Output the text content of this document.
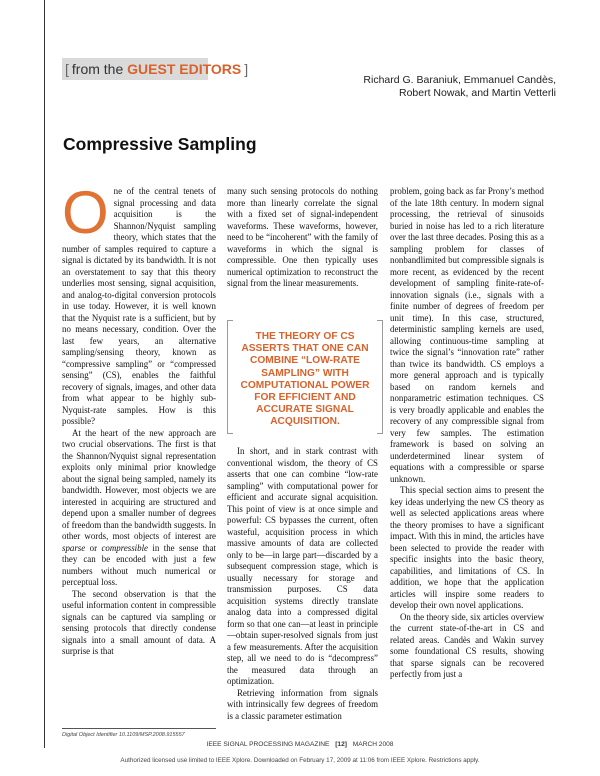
[ from the GUEST EDITORS ]
Richard G. Baraniuk, Emmanuel Candès,
Robert Nowak, and Martin Vetterli
Compressive Sampling

One of the central tenets of signal processing and data acquisition is the Shannon/Nyquist sampling theory, which states that the number of samples required to capture a signal is dictated by its bandwidth. It is not an overstatement to say that this theory underlies most sensing, signal acquisition, and analog-to-digital conversion protocols in use today. However, it is well known that the Nyquist rate is a sufficient, but by no means necessary, condition. Over the last few years, an alternative sampling/sensing theory, known as “compressive sampling” or “compressed sensing” (CS), enables the faithful recovery of signals, images, and other data from what appear to be highly sub-Nyquist-rate samples. How is this possible?

At the heart of the new approach are two crucial observations. The first is that the Shannon/Nyquist signal representation exploits only minimal prior knowledge about the signal being sampled, namely its bandwidth. However, most objects we are interested in acquiring are structured and depend upon a smaller number of degrees of freedom than the bandwidth suggests. In other words, most objects of interest are sparse or compressible in the sense that they can be encoded with just a few numbers without much numerical or perceptual loss.

The second observation is that the useful information content in compressible signals can be captured via sampling or sensing protocols that directly condense signals into a small amount of data. A surprise is that

many such sensing protocols do nothing more than linearly correlate the signal with a fixed set of signal-independent waveforms. These waveforms, however, need to be “incoherent” with the family of waveforms in which the signal is compressible. One then typically uses numerical optimization to reconstruct the signal from the linear measurements.

THE THEORY OF CS ASSERTS THAT ONE CAN COMBINE “LOW-RATE SAMPLING” WITH COMPUTATIONAL POWER FOR EFFICIENT AND ACCURATE SIGNAL ACQUISITION.

In short, and in stark contrast with conventional wisdom, the theory of CS asserts that one can combine “low-rate sampling” with computational power for efficient and accurate signal acquisition. This point of view is at once simple and powerful: CS bypasses the current, often wasteful, acquisition process in which massive amounts of data are collected only to be—in large part—discarded by a subsequent compression stage, which is usually necessary for storage and transmission purposes. CS data acquisition systems directly translate analog data into a compressed digital form so that one can—at least in principle—obtain super-resolved signals from just a few measurements. After the acquisition step, all we need to do is “decompress” the measured data through an optimization.

Retrieving information from signals with intrinsically few degrees of freedom is a classic parameter estimation

problem, going back as far Prony’s method of the late 18th century. In modern signal processing, the retrieval of sinusoids buried in noise has led to a rich literature over the last three decades. Posing this as a sampling problem for classes of nonbandlimited but compressible signals is more recent, as evidenced by the recent development of sampling finite-rate-of-innovation signals (i.e., signals with a finite number of degrees of freedom per unit time). In this case, structured, deterministic sampling kernels are used, allowing continuous-time sampling at twice the signal’s “innovation rate” rather than twice its bandwidth. CS employs a more general approach and is typically based on random kernels and nonparametric estimation techniques. CS is very broadly applicable and enables the recovery of any compressible signal from very few samples. The estimation framework is based on solving an underdetermined linear system of equations with a compressible or sparse unknown.

This special section aims to present the key ideas underlying the new CS theory as well as selected applications areas where the theory promises to have a significant impact. With this in mind, the articles have been selected to provide the reader with specific insights into the basic theory, capabilities, and limitations of CS. In addition, we hope that the application articles will inspire some readers to develop their own novel applications.

On the theory side, six articles overview the current state-of-the-art in CS and related areas. Candès and Wakin survey some foundational CS results, showing that sparse signals can be recovered perfectly from just a

Digital Object Identifier 10.1109/MSP.2008.915557
IEEE SIGNAL PROCESSING MAGAZINE [12] MARCH 2008
Authorized licensed use limited to IEEE Xplore. Downloaded on February 17, 2009 at 11:06 from IEEE Xplore. Restrictions apply.
